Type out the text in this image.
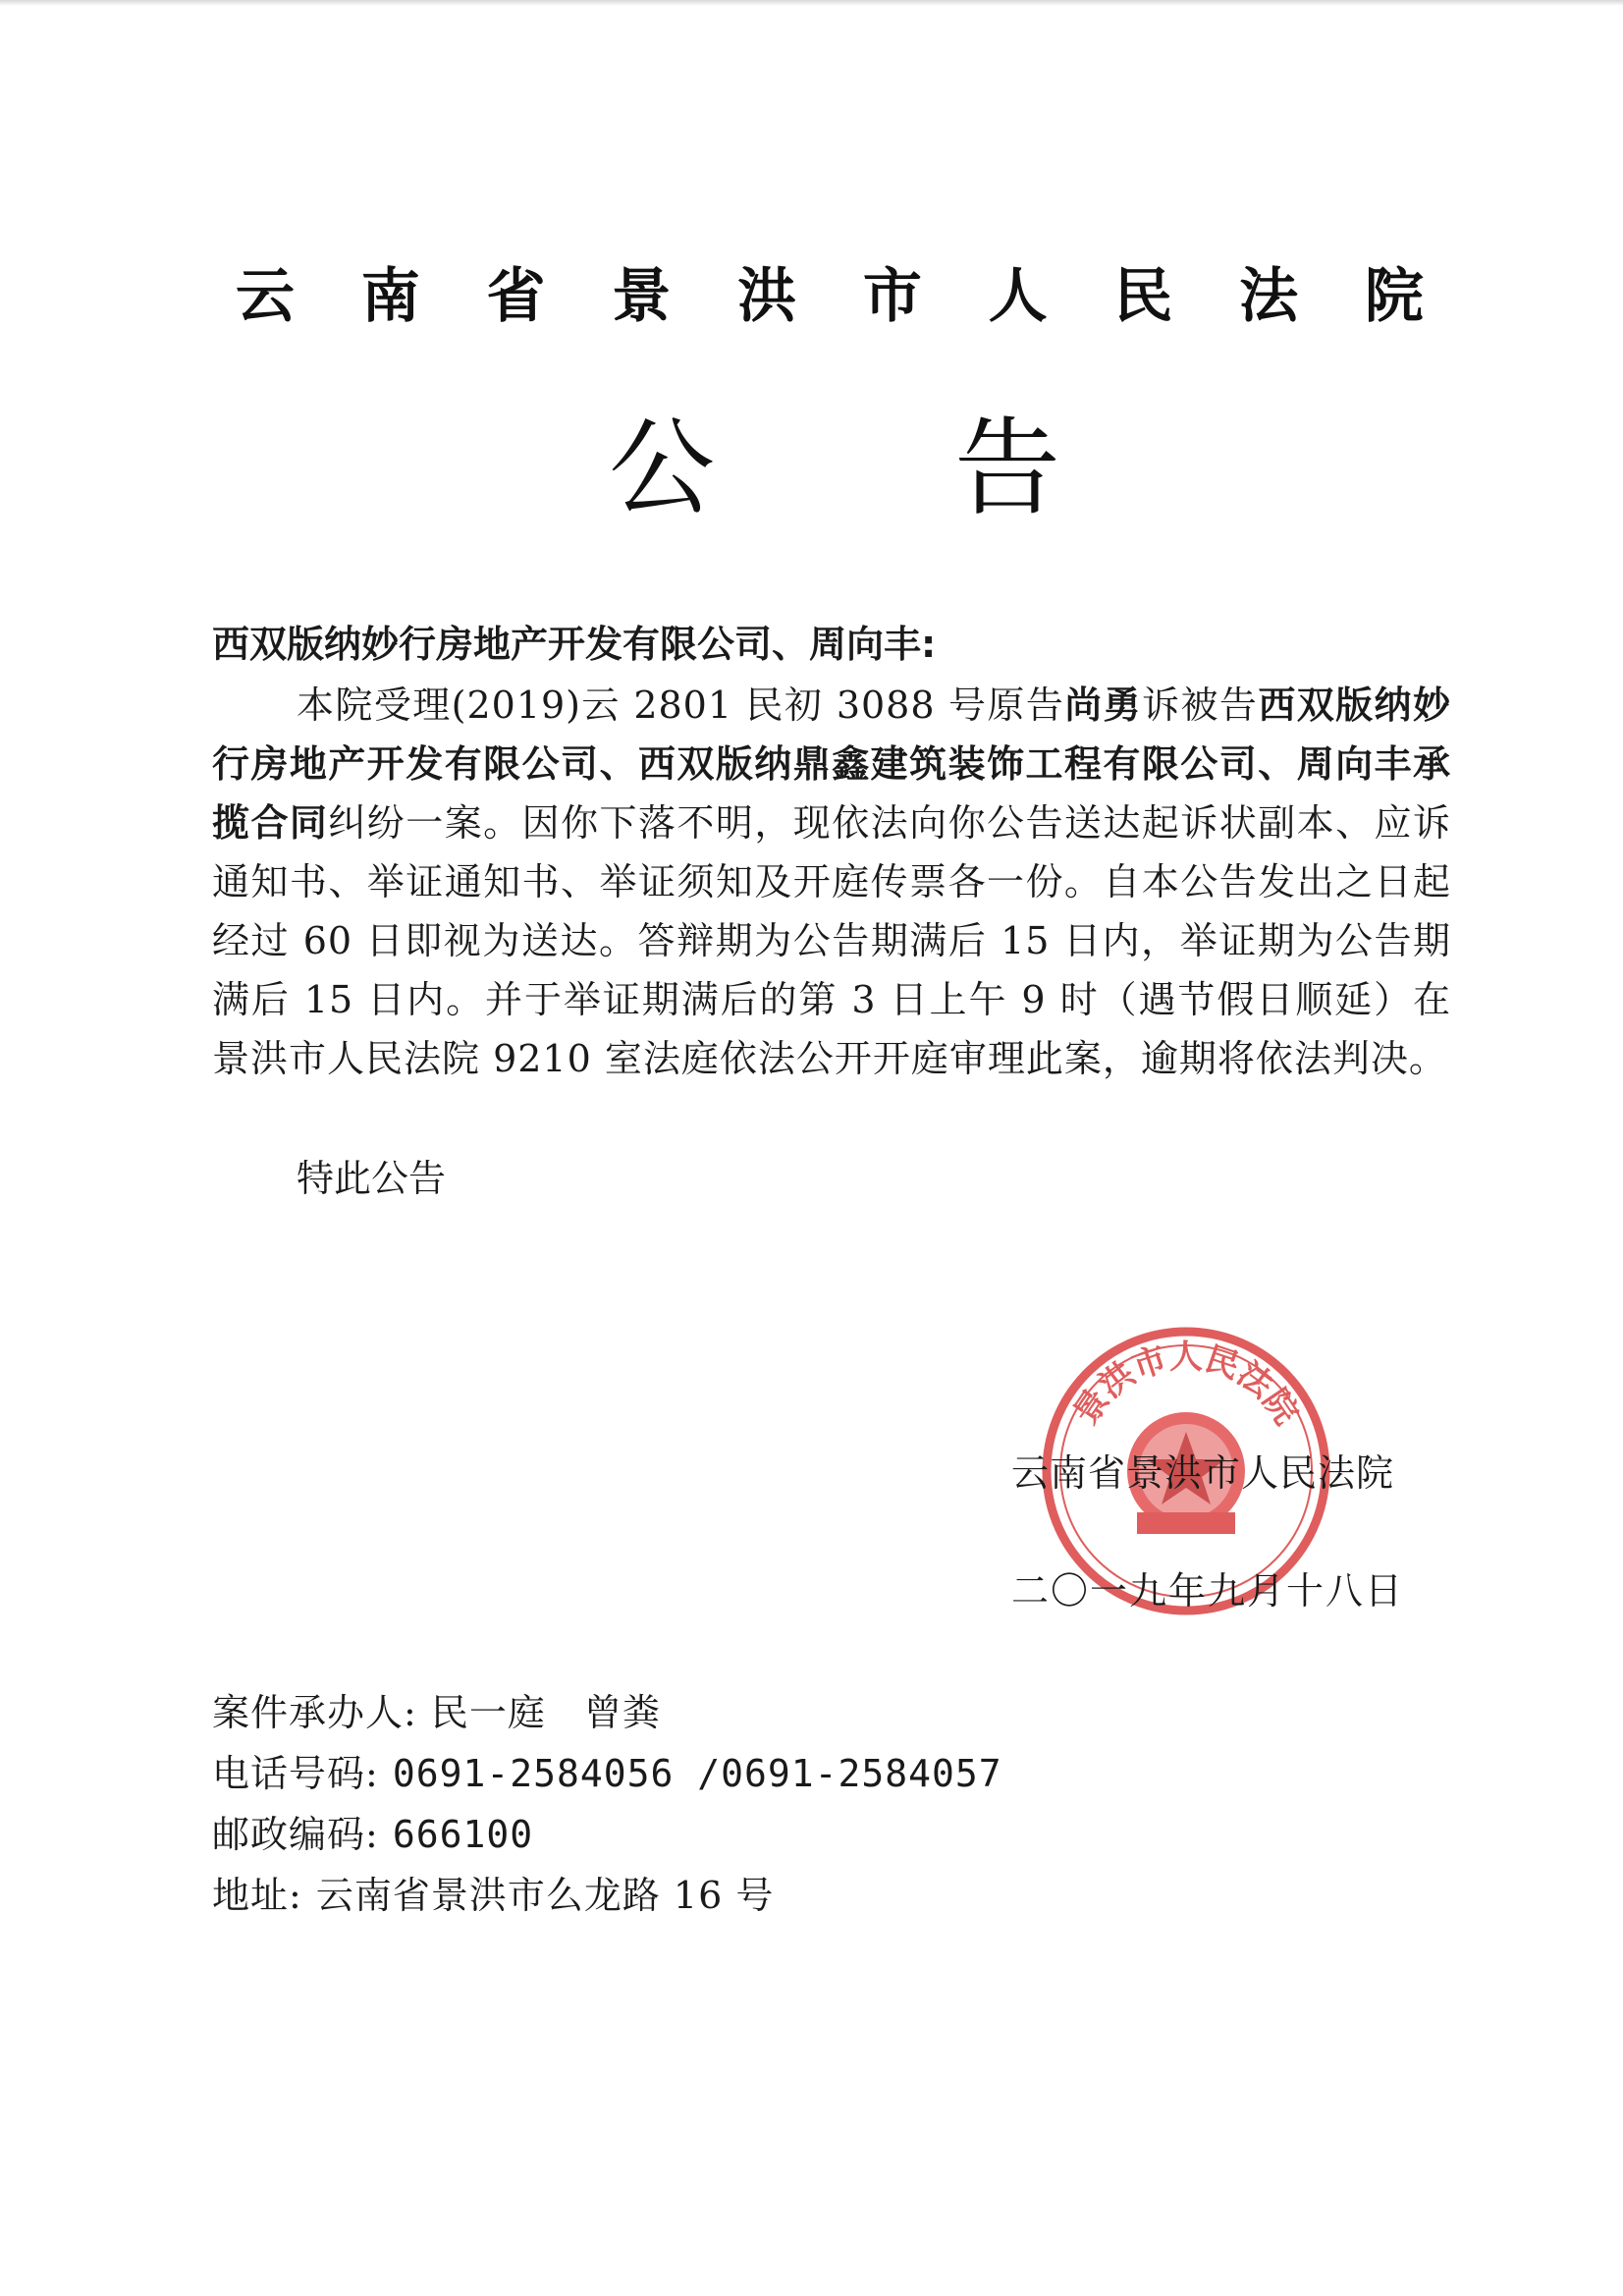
云 南 省 景 洪 市 人 民 法 院
公 告
西双版纳妙行房地产开发有限公司、周向丰:
本院受理(2019)云 2801 民初 3088 号原告尚勇诉被告西双版纳妙行房地产开发有限公司、西双版纳鼎鑫建筑装饰工程有限公司、周向丰承揽合同纠纷一案。因你下落不明，现依法向你公告送达起诉状副本、应诉通知书、举证通知书、举证须知及开庭传票各一份。自本公告发出之日起经过 60 日即视为送达。答辩期为公告期满后 15 日内，举证期为公告期满后 15 日内。并于举证期满后的第 3 日上午 9 时（遇节假日顺延）在景洪市人民法院 9210 室法庭依法公开开庭审理此案，逾期将依法判决。
特此公告
景洪市人民法院
云南省景洪市人民法院
二〇一九年九月十八日
案件承办人: 民一庭　曾粪
电话号码: 0691-2584056 /0691-2584057
邮政编码: 666100
地址: 云南省景洪市么龙路 16 号
